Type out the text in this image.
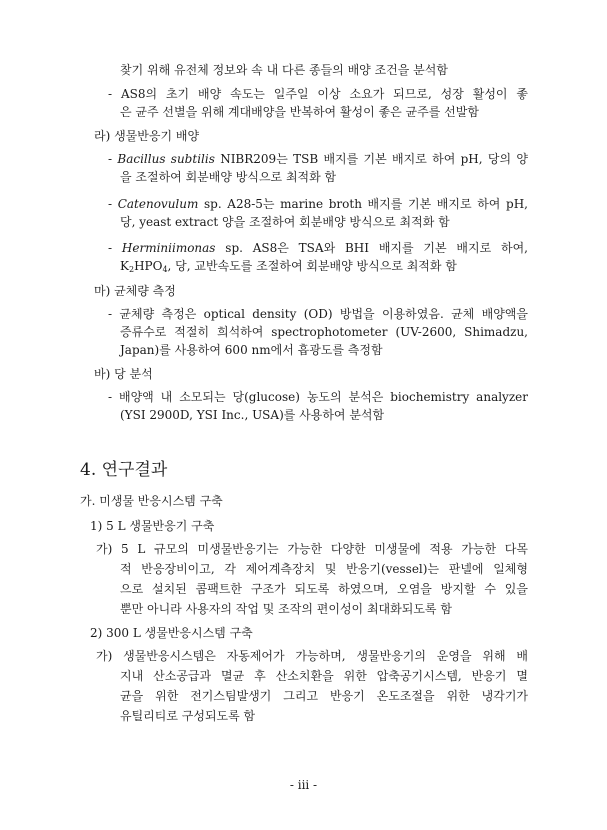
찾기 위해 유전체 정보와 속 내 다른 종들의 배양 조건을 분석함
- AS8의 초기 배양 속도는 일주일 이상 소요가 되므로, 성장 활성이 좋
은 균주 선별을 위해 계대배양을 반복하여 활성이 좋은 균주를 선발함
라) 생물반응기 배양
- Bacillus subtilis NIBR209는 TSB 배지를 기본 배지로 하여 pH, 당의 양
을 조절하여 회분배양 방식으로 최적화 함
- Catenovulum sp. A28-5는 marine broth 배지를 기본 배지로 하여 pH,
당, yeast extract 양을 조절하여 회분배양 방식으로 최적화 함
- Herminiimonas sp. AS8은 TSA와 BHI 배지를 기본 배지로 하여,
$K_2HPO_4$, 당, 교반속도를 조절하여 회분배양 방식으로 최적화 함
마) 균체량 측정
- 균체량 측정은 optical density (OD) 방법을 이용하였음. 균체 배양액을
증류수로 적절히 희석하여 spectrophotometer (UV-2600, Shimadzu,
Japan)를 사용하여 600 nm에서 흡광도를 측정함
바) 당 분석
- 배양액 내 소모되는 당(glucose) 농도의 분석은 biochemistry analyzer
(YSI 2900D, YSI Inc., USA)를 사용하여 분석함
4. 연구결과
가. 미생물 반응시스템 구축
1) 5 L 생물반응기 구축
가) 5 L 규모의 미생물반응기는 가능한 다양한 미생물에 적용 가능한 다목
적 반응장비이고, 각 제어계측장치 및 반응기(vessel)는 판넬에 일체형
으로 설치된 콤팩트한 구조가 되도록 하였으며, 오염을 방지할 수 있을
뿐만 아니라 사용자의 작업 및 조작의 편이성이 최대화되도록 함
2) 300 L 생물반응시스템 구축
가) 생물반응시스템은 자동제어가 가능하며, 생물반응기의 운영을 위해 배
지내 산소공급과 멸균 후 산소치환을 위한 압축공기시스템, 반응기 멸
균을 위한 전기스팀발생기 그리고 반응기 온도조절을 위한 냉각기가
유틸리티로 구성되도록 함
- iii -
